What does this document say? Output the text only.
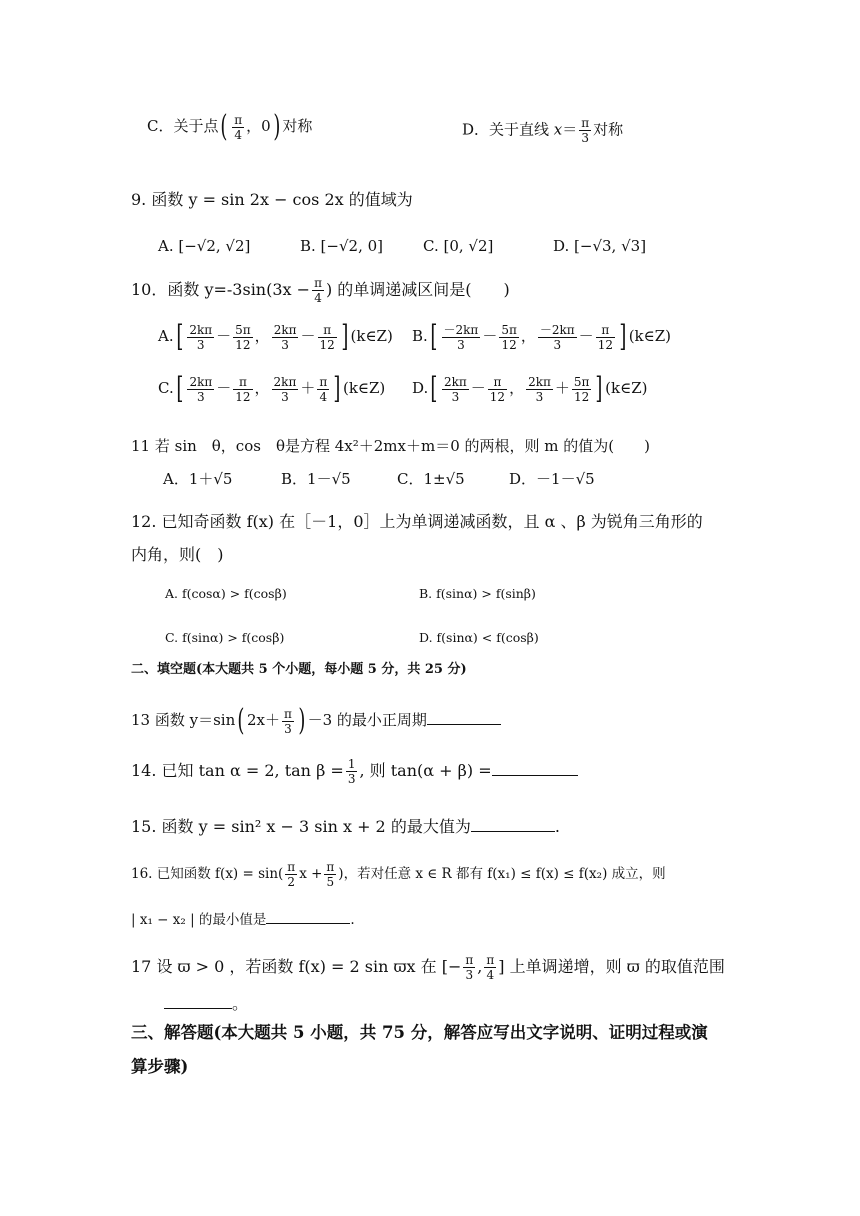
C．关于点( $\frac{\pi}{4}$ ，0) 对称	D．关于直线 $x= \frac{\pi}{3}$ 对称
9. 函数 y = sin 2x − cos 2x 的值域为
A. [−√2, √2]	B. [−√2, 0]	C. [0, √2]	D. [−√3, √3]
10．函数 $y=-3\sin(3x - \frac{\pi}{4}$ ) 的单调递减区间是(　　)
$A.[ \frac{2k\pi}{3} - \frac{5\pi}{12}$ ， $\frac{2k\pi}{3} - \frac{\pi}{12}$ ] (k∈Z) $B.[ \frac{-2k\pi}{3} - \frac{5\pi}{12}$ ， $\frac{-2k\pi}{3} - \frac{\pi}{12}$ ] (k∈Z)
$C.[ \frac{2k\pi}{3} - \frac{\pi}{12}$ ， $\frac{2k\pi}{3} + \frac{\pi}{4}$ ] (k∈Z) $D.[ \frac{2k\pi}{3} - \frac{\pi}{12}$ ， $\frac{2k\pi}{3} + \frac{5\pi}{12}$ ] (k∈Z)
11 若 sin　θ，cos　θ是方程 4x²＋2mx＋m＝0 的两根，则 m 的值为(　　)
A．1＋√5	B．1－√5	C．1±√5	D．－1－√5
12. 已知奇函数 f(x) 在［－1，0］上为单调递减函数，且 α 、β 为锐角三角形的
内角，则(　)
A. f(cosα) > f(cosβ)	B. f(sinα) > f(sinβ)
C. f(sinα) > f(cosβ)	D. f(sinα) < f(cosβ)
二、填空题(本大题共 5 个小题，每小题 5 分，共 25 分)
13 函数 y＝sin( $2x+ \frac{\pi}{3}$ ) －3 的最小正周期
14. 已知 tan α = 2, $\tan \beta = \frac{1}{3}$ , 则 tan(α + β) =
15. 函数 y = sin² x − 3 sin x + 2 的最大值为	.
16. 已知函数 $f(x) = \sin( \frac{\pi}{2}$ $x + \frac{\pi}{5}$ )，若对任意 x ∈ R 都有 f(x₁) ≤ f(x) ≤ f(x₂) 成立，则
| x₁ − x₂ | 的最小值是	.
17 设 ϖ > 0 ，若函数 f(x) = 2 sin ϖx 在 [− $\frac{\pi}{3}$ , $\frac{\pi}{4}$ ] 上单调递增，则 ϖ 的取值范围
。
三、解答题(本大题共 5 小题，共 75 分，解答应写出文字说明、证明过程或演
算步骤)
